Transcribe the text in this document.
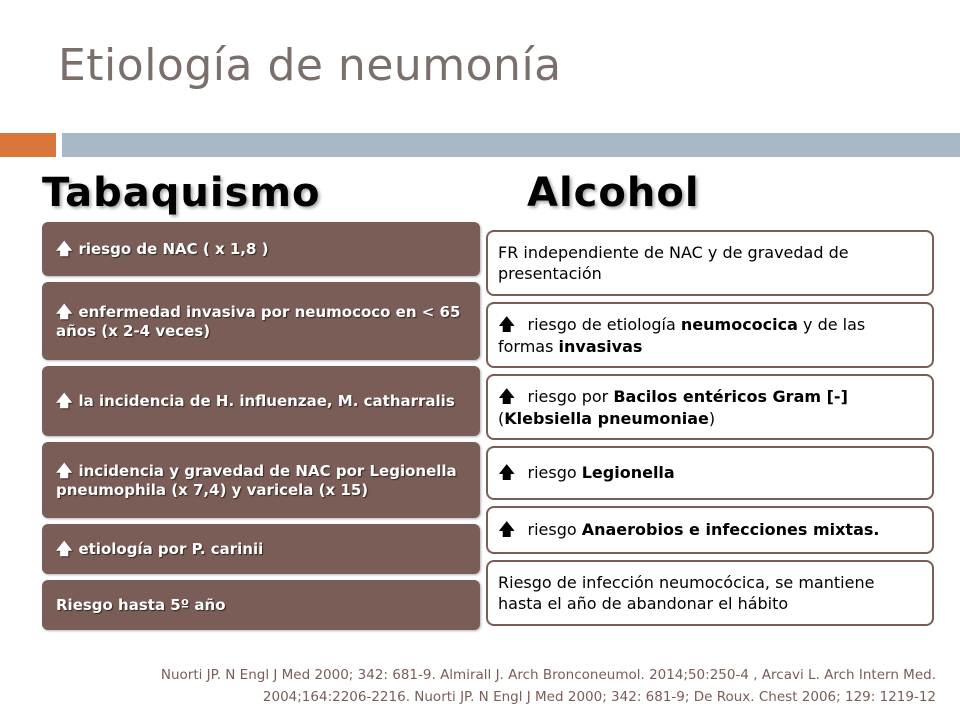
Etiología de neumonía
Tabaquismo	Alcohol
🡅 riesgo de NAC ( x 1,8 )
🡅 enfermedad invasiva por neumococo en < 65 años (x 2-4 veces)
🡅 la incidencia de H. influenzae, M. catharralis
🡅 incidencia y gravedad de NAC por Legionella pneumophila (x 7,4) y varicela (x 15)
🡅 etiología por P. carinii
Riesgo hasta 5º año
FR independiente de NAC y de gravedad de presentación
🡅 riesgo de etiología neumococica y de las formas invasivas
🡅 riesgo por Bacilos entéricos Gram [-] (Klebsiella pneumoniae)
🡅 riesgo Legionella
🡅 riesgo Anaerobios e infecciones mixtas.
Riesgo de infección neumocócica, se mantiene hasta el año de abandonar el hábito
Nuorti JP. N Engl J Med 2000; 342: 681-9. Almirall J. Arch Bronconeumol. 2014;50:250-4 , Arcavi L. Arch Intern Med.
2004;164:2206-2216. Nuorti JP. N Engl J Med 2000; 342: 681-9; De Roux. Chest 2006; 129: 1219-12
